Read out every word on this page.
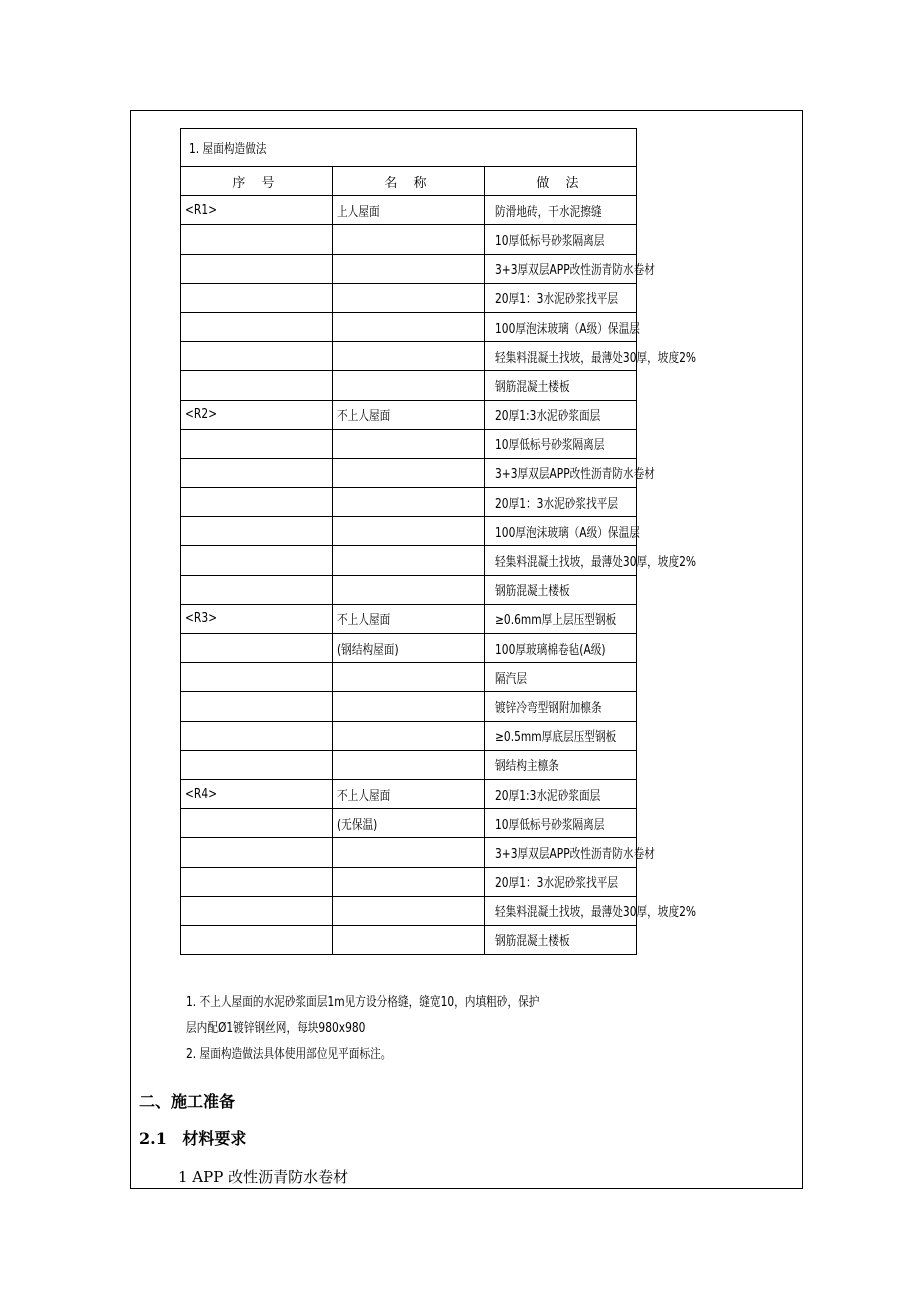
1. 屋面构造做法		
序 号	名 称	做 法
<R1>	上人屋面	防滑地砖，干水泥擦缝
		10厚低标号砂浆隔离层
		3+3厚双层APP改性沥青防水卷材
		20厚1：3水泥砂浆找平层
		100厚泡沫玻璃（A级）保温层
		轻集料混凝土找坡，最薄处30厚，坡度2%
		钢筋混凝土楼板
<R2>	不上人屋面	20厚1:3水泥砂浆面层
		10厚低标号砂浆隔离层
		3+3厚双层APP改性沥青防水卷材
		20厚1：3水泥砂浆找平层
		100厚泡沫玻璃（A级）保温层
		轻集料混凝土找坡，最薄处30厚，坡度2%
		钢筋混凝土楼板
<R3>	不上人屋面	≥0.6mm厚上层压型钢板
	(钢结构屋面)	100厚玻璃棉卷毡(A级)
		隔汽层
		镀锌冷弯型钢附加檩条
		≥0.5mm厚底层压型钢板
		钢结构主檩条
<R4>	不上人屋面	20厚1:3水泥砂浆面层
	(无保温)	10厚低标号砂浆隔离层
		3+3厚双层APP改性沥青防水卷材
		20厚1：3水泥砂浆找平层
		轻集料混凝土找坡，最薄处30厚，坡度2%
		钢筋混凝土楼板
1. 不上人屋面的水泥砂浆面层1m见方设分格缝，缝宽10，内填粗砂，保护
层内配Ø1镀锌钢丝网，每块980x980
2. 屋面构造做法具体使用部位见平面标注。
二、施工准备
2.1 材料要求
1 APP 改性沥青防水卷材
